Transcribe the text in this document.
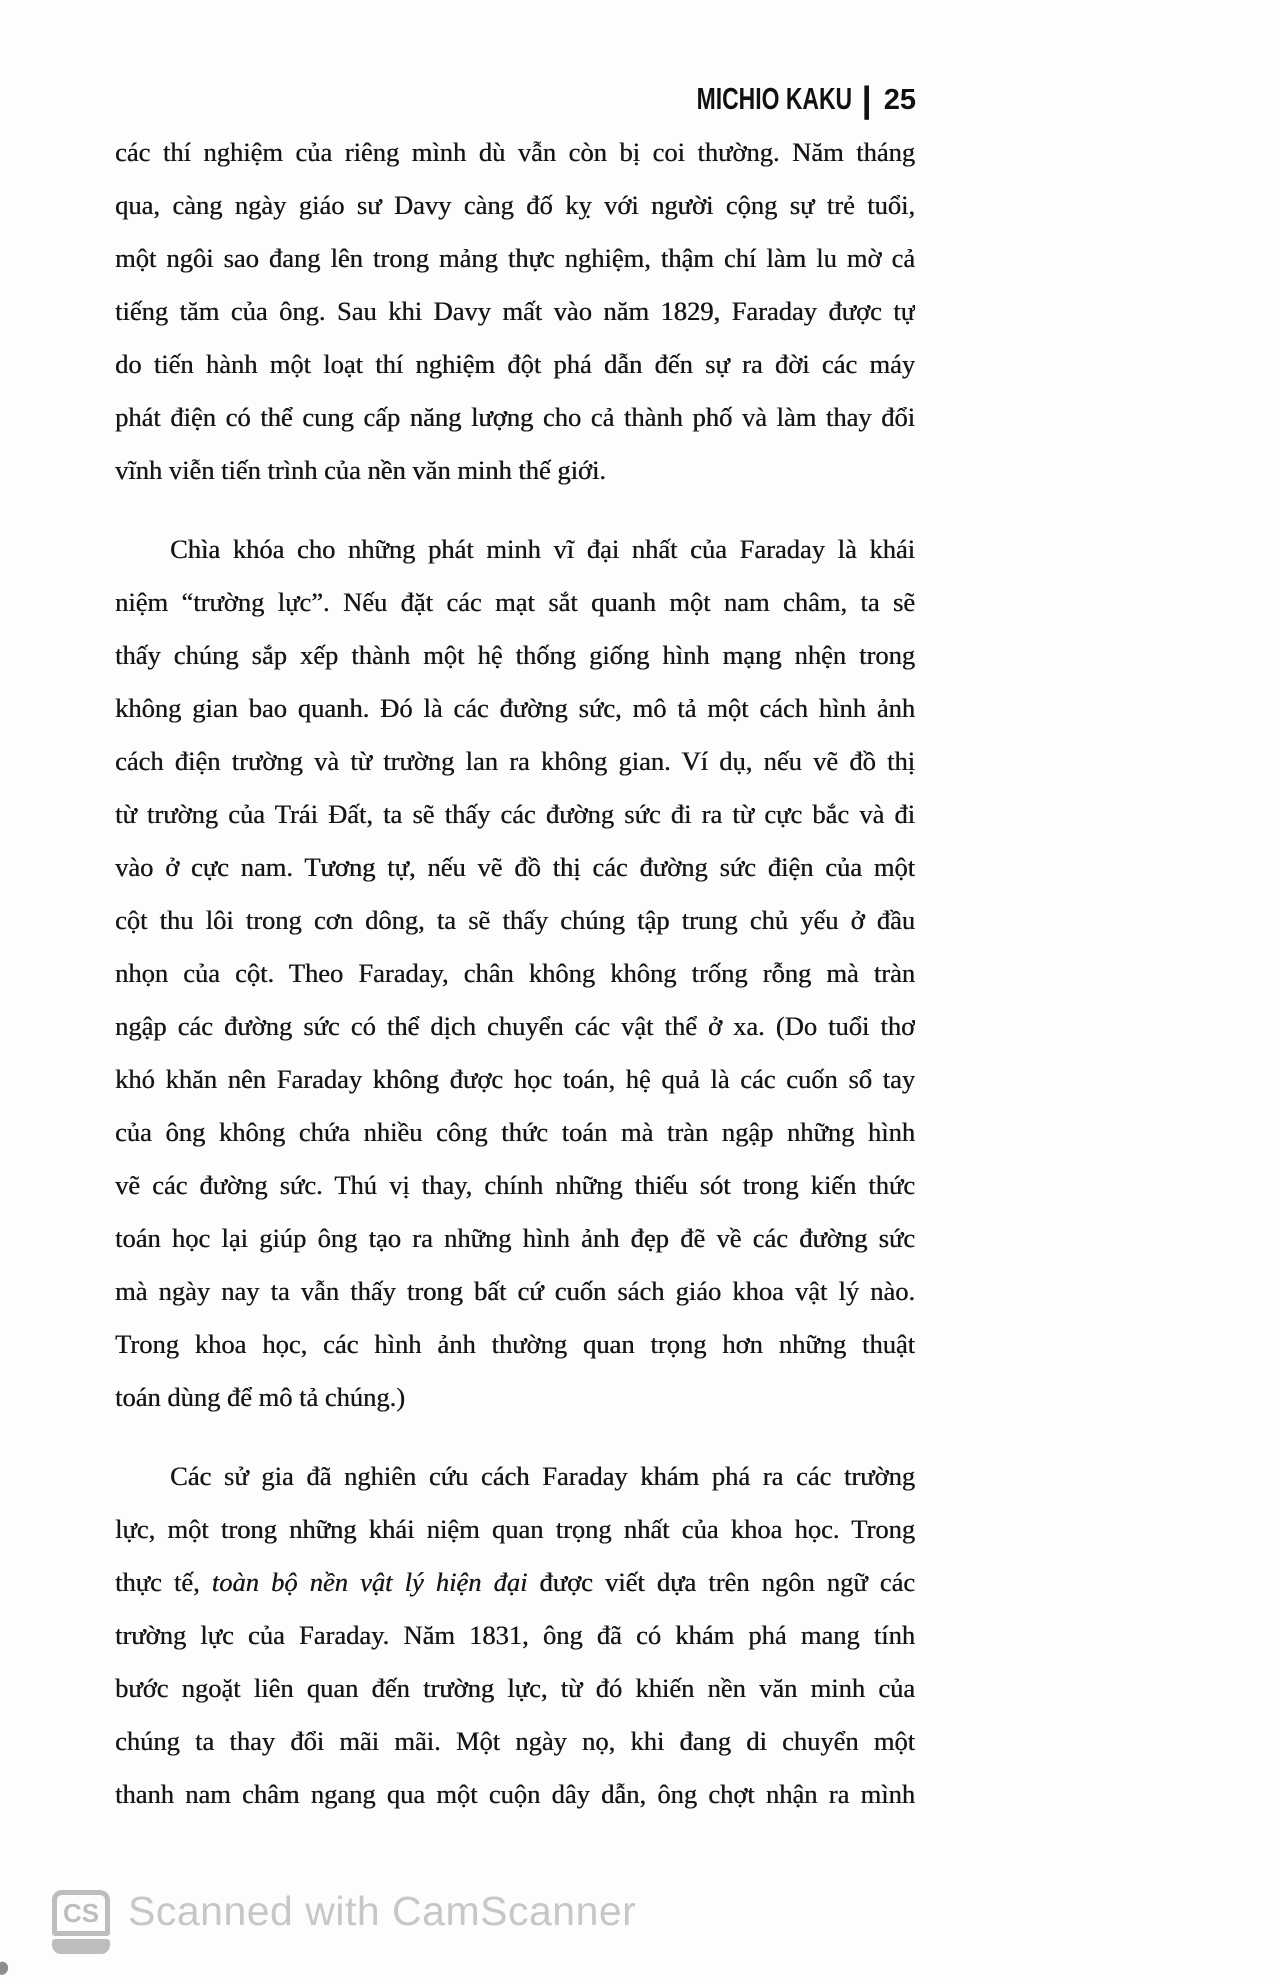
MICHIO KAKU | 25
các thí nghiệm của riêng mình dù vẫn còn bị coi thường. Năm tháng
qua, càng ngày giáo sư Davy càng đố kỵ với người cộng sự trẻ tuổi,
một ngôi sao đang lên trong mảng thực nghiệm, thậm chí làm lu mờ cả
tiếng tăm của ông. Sau khi Davy mất vào năm 1829, Faraday được tự
do tiến hành một loạt thí nghiệm đột phá dẫn đến sự ra đời các máy
phát điện có thể cung cấp năng lượng cho cả thành phố và làm thay đổi
vĩnh viễn tiến trình của nền văn minh thế giới.
Chìa khóa cho những phát minh vĩ đại nhất của Faraday là khái
niệm “trường lực”. Nếu đặt các mạt sắt quanh một nam châm, ta sẽ
thấy chúng sắp xếp thành một hệ thống giống hình mạng nhện trong
không gian bao quanh. Đó là các đường sức, mô tả một cách hình ảnh
cách điện trường và từ trường lan ra không gian. Ví dụ, nếu vẽ đồ thị
từ trường của Trái Đất, ta sẽ thấy các đường sức đi ra từ cực bắc và đi
vào ở cực nam. Tương tự, nếu vẽ đồ thị các đường sức điện của một
cột thu lôi trong cơn dông, ta sẽ thấy chúng tập trung chủ yếu ở đầu
nhọn của cột. Theo Faraday, chân không không trống rỗng mà tràn
ngập các đường sức có thể dịch chuyển các vật thể ở xa. (Do tuổi thơ
khó khăn nên Faraday không được học toán, hệ quả là các cuốn sổ tay
của ông không chứa nhiều công thức toán mà tràn ngập những hình
vẽ các đường sức. Thú vị thay, chính những thiếu sót trong kiến thức
toán học lại giúp ông tạo ra những hình ảnh đẹp đẽ về các đường sức
mà ngày nay ta vẫn thấy trong bất cứ cuốn sách giáo khoa vật lý nào.
Trong khoa học, các hình ảnh thường quan trọng hơn những thuật
toán dùng để mô tả chúng.)
Các sử gia đã nghiên cứu cách Faraday khám phá ra các trường
lực, một trong những khái niệm quan trọng nhất của khoa học. Trong
thực tế, toàn bộ nền vật lý hiện đại được viết dựa trên ngôn ngữ các
trường lực của Faraday. Năm 1831, ông đã có khám phá mang tính
bước ngoặt liên quan đến trường lực, từ đó khiến nền văn minh của
chúng ta thay đổi mãi mãi. Một ngày nọ, khi đang di chuyển một
thanh nam châm ngang qua một cuộn dây dẫn, ông chợt nhận ra mình
CS Scanned with CamScanner
